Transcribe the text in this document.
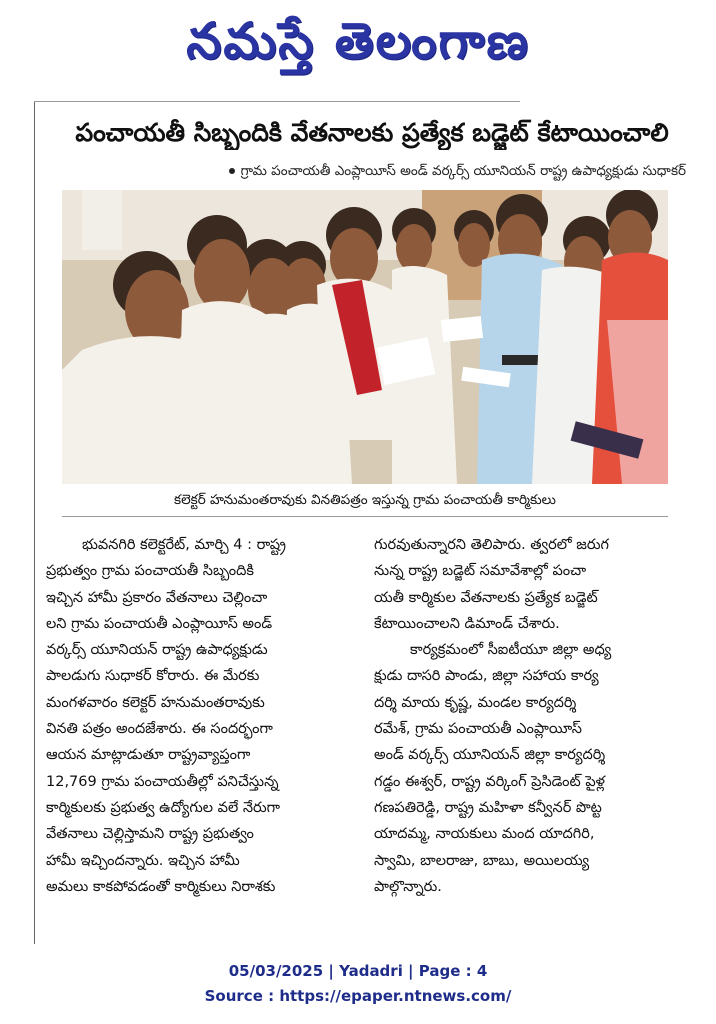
నమస్తే తెలంగాణ
పంచాయతీ సిబ్బందికి వేతనాలకు ప్రత్యేక బడ్జెట్ కేటాయించాలి
గ్రామ పంచాయతీ ఎంప్లాయీస్ అండ్ వర్కర్స్ యూనియన్ రాష్ట్ర ఉపాధ్యక్షుడు సుధాకర్
కలెక్టర్ హనుమంతరావుకు వినతిపత్రం ఇస్తున్న గ్రామ పంచాయతీ కార్మికులు
భువనగిరి కలెక్టరేట్, మార్చి 4 : రాష్ట్ర
ప్రభుత్వం గ్రామ పంచాయతీ సిబ్బందికి
ఇచ్చిన హామీ ప్రకారం వేతనాలు చెల్లించా
లని గ్రామ పంచాయతీ ఎంప్లాయీస్ అండ్
వర్కర్స్ యూనియన్ రాష్ట్ర ఉపాధ్యక్షుడు
పాలడుగు సుధాకర్ కోరారు. ఈ మేరకు
మంగళవారం కలెక్టర్ హనుమంతరావుకు
వినతి పత్రం అందజేశారు. ఈ సందర్భంగా
ఆయన మాట్లాడుతూ రాష్ట్రవ్యాప్తంగా
12,769 గ్రామ పంచాయతీల్లో పనిచేస్తున్న
కార్మికులకు ప్రభుత్వ ఉద్యోగుల వలే నేరుగా
వేతనాలు చెల్లిస్తామని రాష్ట్ర ప్రభుత్వం
హామీ ఇచ్చిందన్నారు. ఇచ్చిన హామీ
అమలు కాకపోవడంతో కార్మికులు నిరాశకు
గురవుతున్నారని తెలిపారు. త్వరలో జరుగ
నున్న రాష్ట్ర బడ్జెట్ సమావేశాల్లో పంచా
యతీ కార్మికుల వేతనాలకు ప్రత్యేక బడ్జెట్
కేటాయించాలని డిమాండ్ చేశారు.
కార్యక్రమంలో సీఐటీయూ జిల్లా అధ్య
క్షుడు దాసరి పాండు, జిల్లా సహాయ కార్య
దర్శి మాయ కృష్ణ, మండల కార్యదర్శి
రమేశ్, గ్రామ పంచాయతీ ఎంప్లాయీస్
అండ్ వర్కర్స్ యూనియన్ జిల్లా కార్యదర్శి
గడ్డం ఈశ్వర్, రాష్ట్ర వర్కింగ్ ప్రెసిడెంట్ పైళ్ల
గణపతిరెడ్డి, రాష్ట్ర మహిళా కన్వీనర్ పొట్ట
యాదమ్మ, నాయకులు మంద యాదగిరి,
స్వామి, బాలరాజు, బాబు, అయిలయ్య
పాల్గొన్నారు.
05/03/2025 | Yadadri | Page : 4
Source : https://epaper.ntnews.com/
